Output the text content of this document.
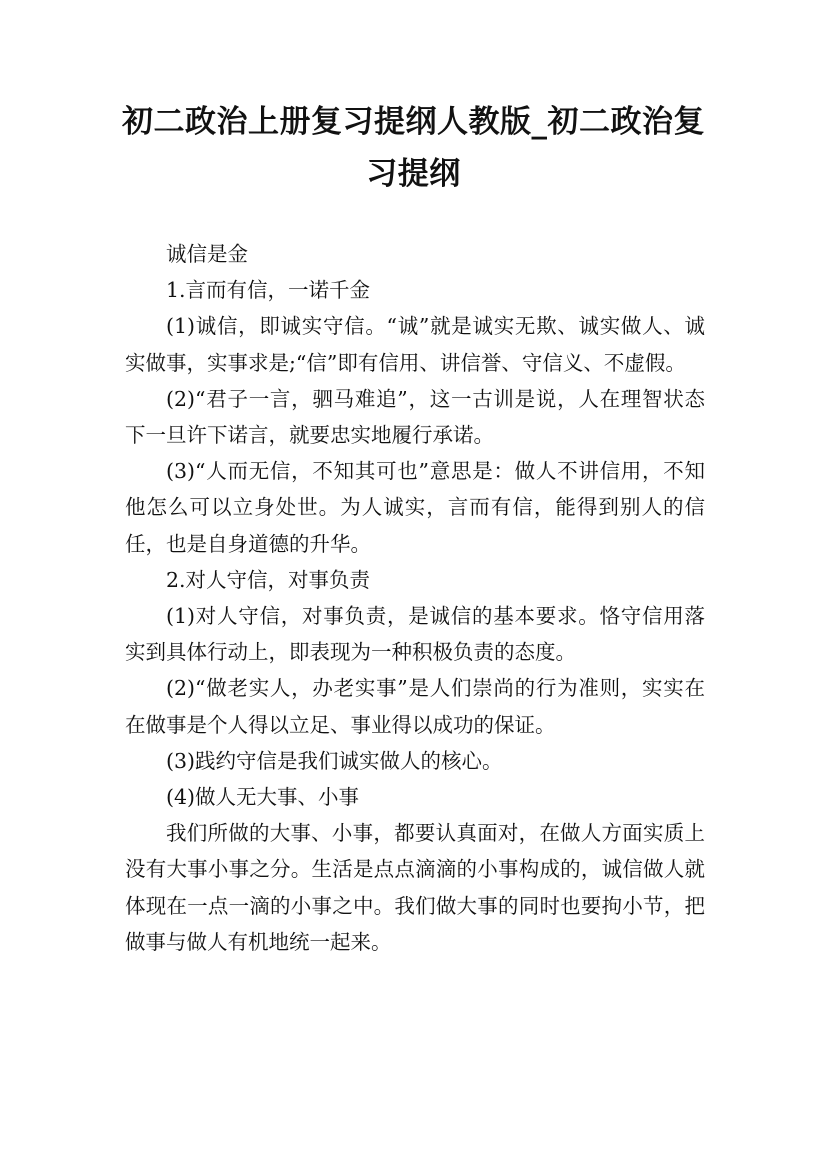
初二政治上册复习提纲人教版_初二政治复习提纲

诚信是金

1.言而有信，一诺千金

(1)诚信，即诚实守信。“诚”就是诚实无欺、诚实做人、诚实做事，实事求是;“信”即有信用、讲信誉、守信义、不虚假。

(2)“君子一言，驷马难追”，这一古训是说，人在理智状态下一旦许下诺言，就要忠实地履行承诺。

(3)“人而无信，不知其可也”意思是：做人不讲信用，不知他怎么可以立身处世。为人诚实，言而有信，能得到别人的信任，也是自身道德的升华。

2.对人守信，对事负责

(1)对人守信，对事负责，是诚信的基本要求。恪守信用落实到具体行动上，即表现为一种积极负责的态度。

(2)“做老实人，办老实事”是人们崇尚的行为准则，实实在在做事是个人得以立足、事业得以成功的保证。

(3)践约守信是我们诚实做人的核心。

(4)做人无大事、小事

我们所做的大事、小事，都要认真面对，在做人方面实质上没有大事小事之分。生活是点点滴滴的小事构成的，诚信做人就体现在一点一滴的小事之中。我们做大事的同时也要拘小节，把做事与做人有机地统一起来。
